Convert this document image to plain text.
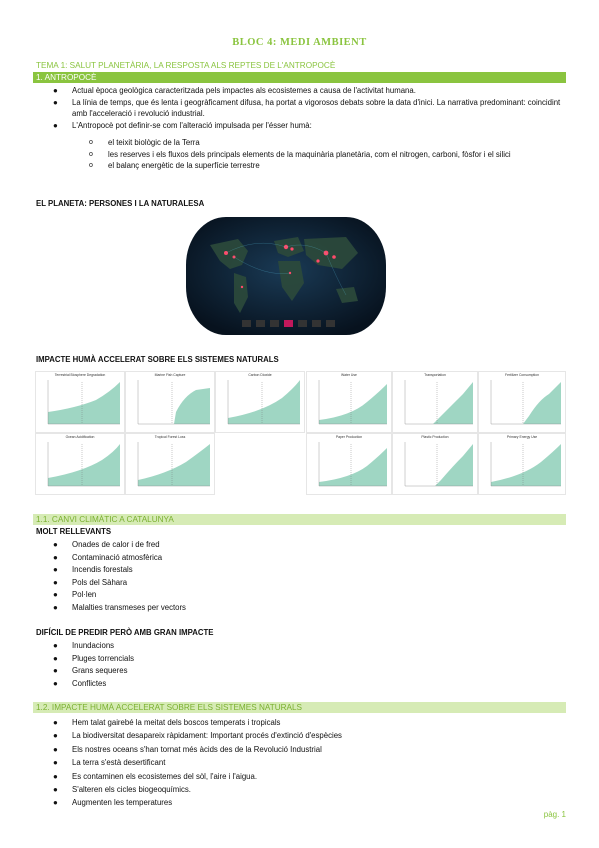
BLOC 4: MEDI AMBIENT
TEMA 1: SALUT PLANETÀRIA, LA RESPOSTA ALS REPTES DE L'ANTROPOCÈ
1. ANTROPOCÈ
● Actual època geològica caracteritzada pels impactes als ecosistemes a causa de l'activitat humana.
● La línia de temps, que és lenta i geogràficament difusa, ha portat a vigorosos debats sobre la data d'inici. La narrativa predominant: coincidint amb l'acceleració i revolució industrial.
● L'Antropocè pot definir-se com l'alteració impulsada per l'ésser humà:
o el teixit biològic de la Terra
o les reserves i els fluxos dels principals elements de la maquinària planetària, com el nitrogen, carboni, fòsfor i el silici
o el balanç energètic de la superfície terrestre
EL PLANETA: PERSONES I LA NATURALESA
IMPACTE HUMÀ ACCELERAT SOBRE ELS SISTEMES NATURALS
Terrestrial Biosphere Degradation	Marine Fish Capture	Carbon Dioxide
Ocean Acidification	Tropical Forest Loss
Water Use	Transportation	Fertilizer Consumption
Paper Production	Plastic Production	Primary Energy Use
1.1. CANVI CLIMÀTIC A CATALUNYA
MOLT RELLEVANTS
● Onades de calor i de fred
● Contaminació atmosfèrica
● Incendis forestals
● Pols del Sàhara
● Pol·len
● Malalties transmeses per vectors
DIFÍCIL DE PREDIR PERÒ AMB GRAN IMPACTE
● Inundacions
● Pluges torrencials
● Grans sequeres
● Conflictes
1.2. IMPACTE HUMÀ ACCELERAT SOBRE ELS SISTEMES NATURALS
● Hem talat gairebé la meitat dels boscos temperats i tropicals
● La biodiversitat desapareix ràpidament: Important procés d'extinció d'espècies
● Els nostres oceans s'han tornat més àcids des de la Revolució Industrial
● La terra s'està desertificant
● Es contaminen els ecosistemes del sòl, l'aire i l'aigua.
● S'alteren els cicles biogeoquímics.
● Augmenten les temperatures
pàg. 1
